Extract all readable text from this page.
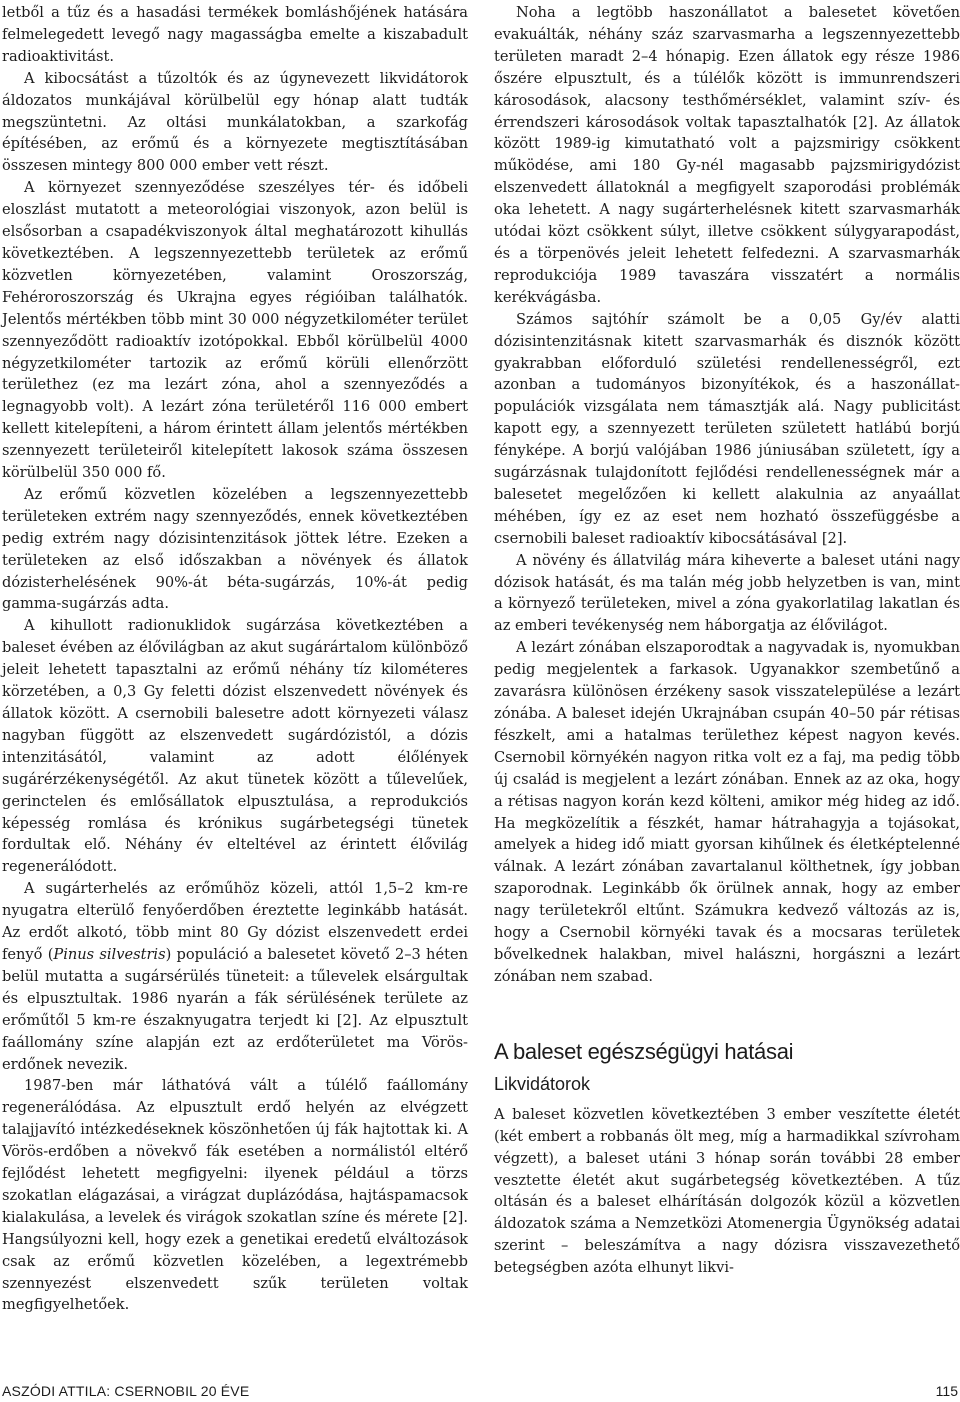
letből a tűz és a hasadási termékek bomláshőjének hatására felmelegedett levegő nagy magasságba emelte a kiszabadult radioaktivitást.

A kibocsátást a tűzoltók és az úgynevezett likvidátorok áldozatos munkájával körülbelül egy hónap alatt tudták megszüntetni. Az oltási munkálatokban, a szarkofág építésében, az erőmű és a környezete megtisztításában összesen mintegy 800 000 ember vett részt.

A környezet szennyeződése szeszélyes tér- és időbeli eloszlást mutatott a meteorológiai viszonyok, azon belül is elsősorban a csapadékviszonyok által meghatározott kihullás következtében. A legszennyezettebb területek az erőmű közvetlen környezetében, valamint Oroszország, Fehéroroszország és Ukrajna egyes régióiban találhatók. Jelentős mértékben több mint 30 000 négyzetkilométer terület szennyeződött radioaktív izotópokkal. Ebből körülbelül 4000 négyzetkilométer tartozik az erőmű körüli ellenőrzött területhez (ez ma lezárt zóna, ahol a szennyeződés a legnagyobb volt). A lezárt zóna területéről 116 000 embert kellett kitelepíteni, a három érintett állam jelentős mértékben szennyezett területeiről kitelepített lakosok száma összesen körülbelül 350 000 fő.

Az erőmű közvetlen közelében a legszennyezettebb területeken extrém nagy szennyeződés, ennek következtében pedig extrém nagy dózisintenzitások jöttek létre. Ezeken a területeken az első időszakban a növények és állatok dózisterhelésének 90%-át béta-sugárzás, 10%-át pedig gamma-sugárzás adta.

A kihullott radionuklidok sugárzása következtében a baleset évében az élővilágban az akut sugárártalom különböző jeleit lehetett tapasztalni az erőmű néhány tíz kilométeres körzetében, a 0,3 Gy feletti dózist elszenvedett növények és állatok között. A csernobili balesetre adott környezeti válasz nagyban függött az elszenvedett sugárdózistól, a dózis intenzitásától, valamint az adott élőlények sugárérzékenységétől. Az akut tünetek között a tűlevelűek, gerinctelen és emlősállatok elpusztulása, a reprodukciós képesség romlása és krónikus sugárbetegségi tünetek fordultak elő. Néhány év elteltével az érintett élővilág regenerálódott.

A sugárterhelés az erőműhöz közeli, attól 1,5–2 km-re nyugatra elterülő fenyőerdőben éreztette leginkább hatását. Az erdőt alkotó, több mint 80 Gy dózist elszenvedett erdei fenyő (Pinus silvestris) populáció a balesetet követő 2–3 héten belül mutatta a sugársérülés tüneteit: a tűlevelek elsárgultak és elpusztultak. 1986 nyarán a fák sérülésének területe az erőműtől 5 km-re északnyugatra terjedt ki [2]. Az elpusztult faállomány színe alapján ezt az erdőterületet ma Vörös-erdőnek nevezik.

1987-ben már láthatóvá vált a túlélő faállomány regenerálódása. Az elpusztult erdő helyén az elvégzett talajjavító intézkedéseknek köszönhetően új fák hajtottak ki. A Vörös-erdőben a növekvő fák esetében a normálistól eltérő fejlődést lehetett megfigyelni: ilyenek például a törzs szokatlan elágazásai, a virágzat duplázódása, hajtáspamacsok kialakulása, a levelek és virágok szokatlan színe és mérete [2]. Hangsúlyozni kell, hogy ezek a genetikai eredetű elváltozások csak az erőmű közvetlen közelében, a legextrémebb szennyezést elszenvedett szűk területen voltak megfigyelhetőek.

Noha a legtöbb haszonállatot a balesetet követően evakuálták, néhány száz szarvasmarha a legszennyezettebb területen maradt 2–4 hónapig. Ezen állatok egy része 1986 őszére elpusztult, és a túlélők között is immunrendszeri károsodások, alacsony testhőmérséklet, valamint szív- és érrendszeri károsodások voltak tapasztalhatók [2]. Az állatok között 1989-ig kimutatható volt a pajzsmirigy csökkent működése, ami 180 Gy-nél magasabb pajzsmirigydózist elszenvedett állatoknál a megfigyelt szaporodási problémák oka lehetett. A nagy sugárterhelésnek kitett szarvasmarhák utódai közt csökkent súlyt, illetve csökkent súlygyarapodást, és a törpenövés jeleit lehetett felfedezni. A szarvasmarhák reprodukciója 1989 tavaszára visszatért a normális kerékvágásba.

Számos sajtóhír számolt be a 0,05 Gy/év alatti dózisintenzitásnak kitett szarvasmarhák és disznók között gyakrabban előforduló születési rendellenességről, ezt azonban a tudományos bizonyítékok, és a haszonállat-populációk vizsgálata nem támasztják alá. Nagy publicitást kapott egy, a szennyezett területen született hatlábú borjú fényképe. A borjú valójában 1986 júniusában született, így a sugárzásnak tulajdonított fejlődési rendellenességnek már a balesetet megelőzően ki kellett alakulnia az anyaállat méhében, így ez az eset nem hozható összefüggésbe a csernobili baleset radioaktív kibocsátásával [2].

A növény és állatvilág mára kiheverte a baleset utáni nagy dózisok hatását, és ma talán még jobb helyzetben is van, mint a környező területeken, mivel a zóna gyakorlatilag lakatlan és az emberi tevékenység nem háborgatja az élővilágot.

A lezárt zónában elszaporodtak a nagyvadak is, nyomukban pedig megjelentek a farkasok. Ugyanakkor szembetűnő a zavarásra különösen érzékeny sasok visszatelepülése a lezárt zónába. A baleset idején Ukrajnában csupán 40–50 pár rétisas fészkelt, ami a hatalmas területhez képest nagyon kevés. Csernobil környékén nagyon ritka volt ez a faj, ma pedig több új család is megjelent a lezárt zónában. Ennek az az oka, hogy a rétisas nagyon korán kezd költeni, amikor még hideg az idő. Ha megközelítik a fészkét, hamar hátrahagyja a tojásokat, amelyek a hideg idő miatt gyorsan kihűlnek és életképtelenné válnak. A lezárt zónában zavartalanul költhetnek, így jobban szaporodnak. Leginkább ők örülnek annak, hogy az ember nagy területekről eltűnt. Számukra kedvező változás az is, hogy a Csernobil környéki tavak és a mocsaras területek bővelkednek halakban, mivel halászni, horgászni a lezárt zónában nem szabad.

A baleset egészségügyi hatásai
Likvidátorok

A baleset közvetlen következtében 3 ember veszítette életét (két embert a robbanás ölt meg, míg a harmadikkal szívroham végzett), a baleset utáni 3 hónap során további 28 ember vesztette életét akut sugárbetegség következtében. A tűz oltásán és a baleset elhárításán dolgozók közül a közvetlen áldozatok száma a Nemzetközi Atomenergia Ügynökség adatai szerint – beleszámítva a nagy dózisra visszavezethető betegségben azóta elhunyt likvi-

ASZÓDI ATTILA: CSERNOBIL 20 ÉVE	115
